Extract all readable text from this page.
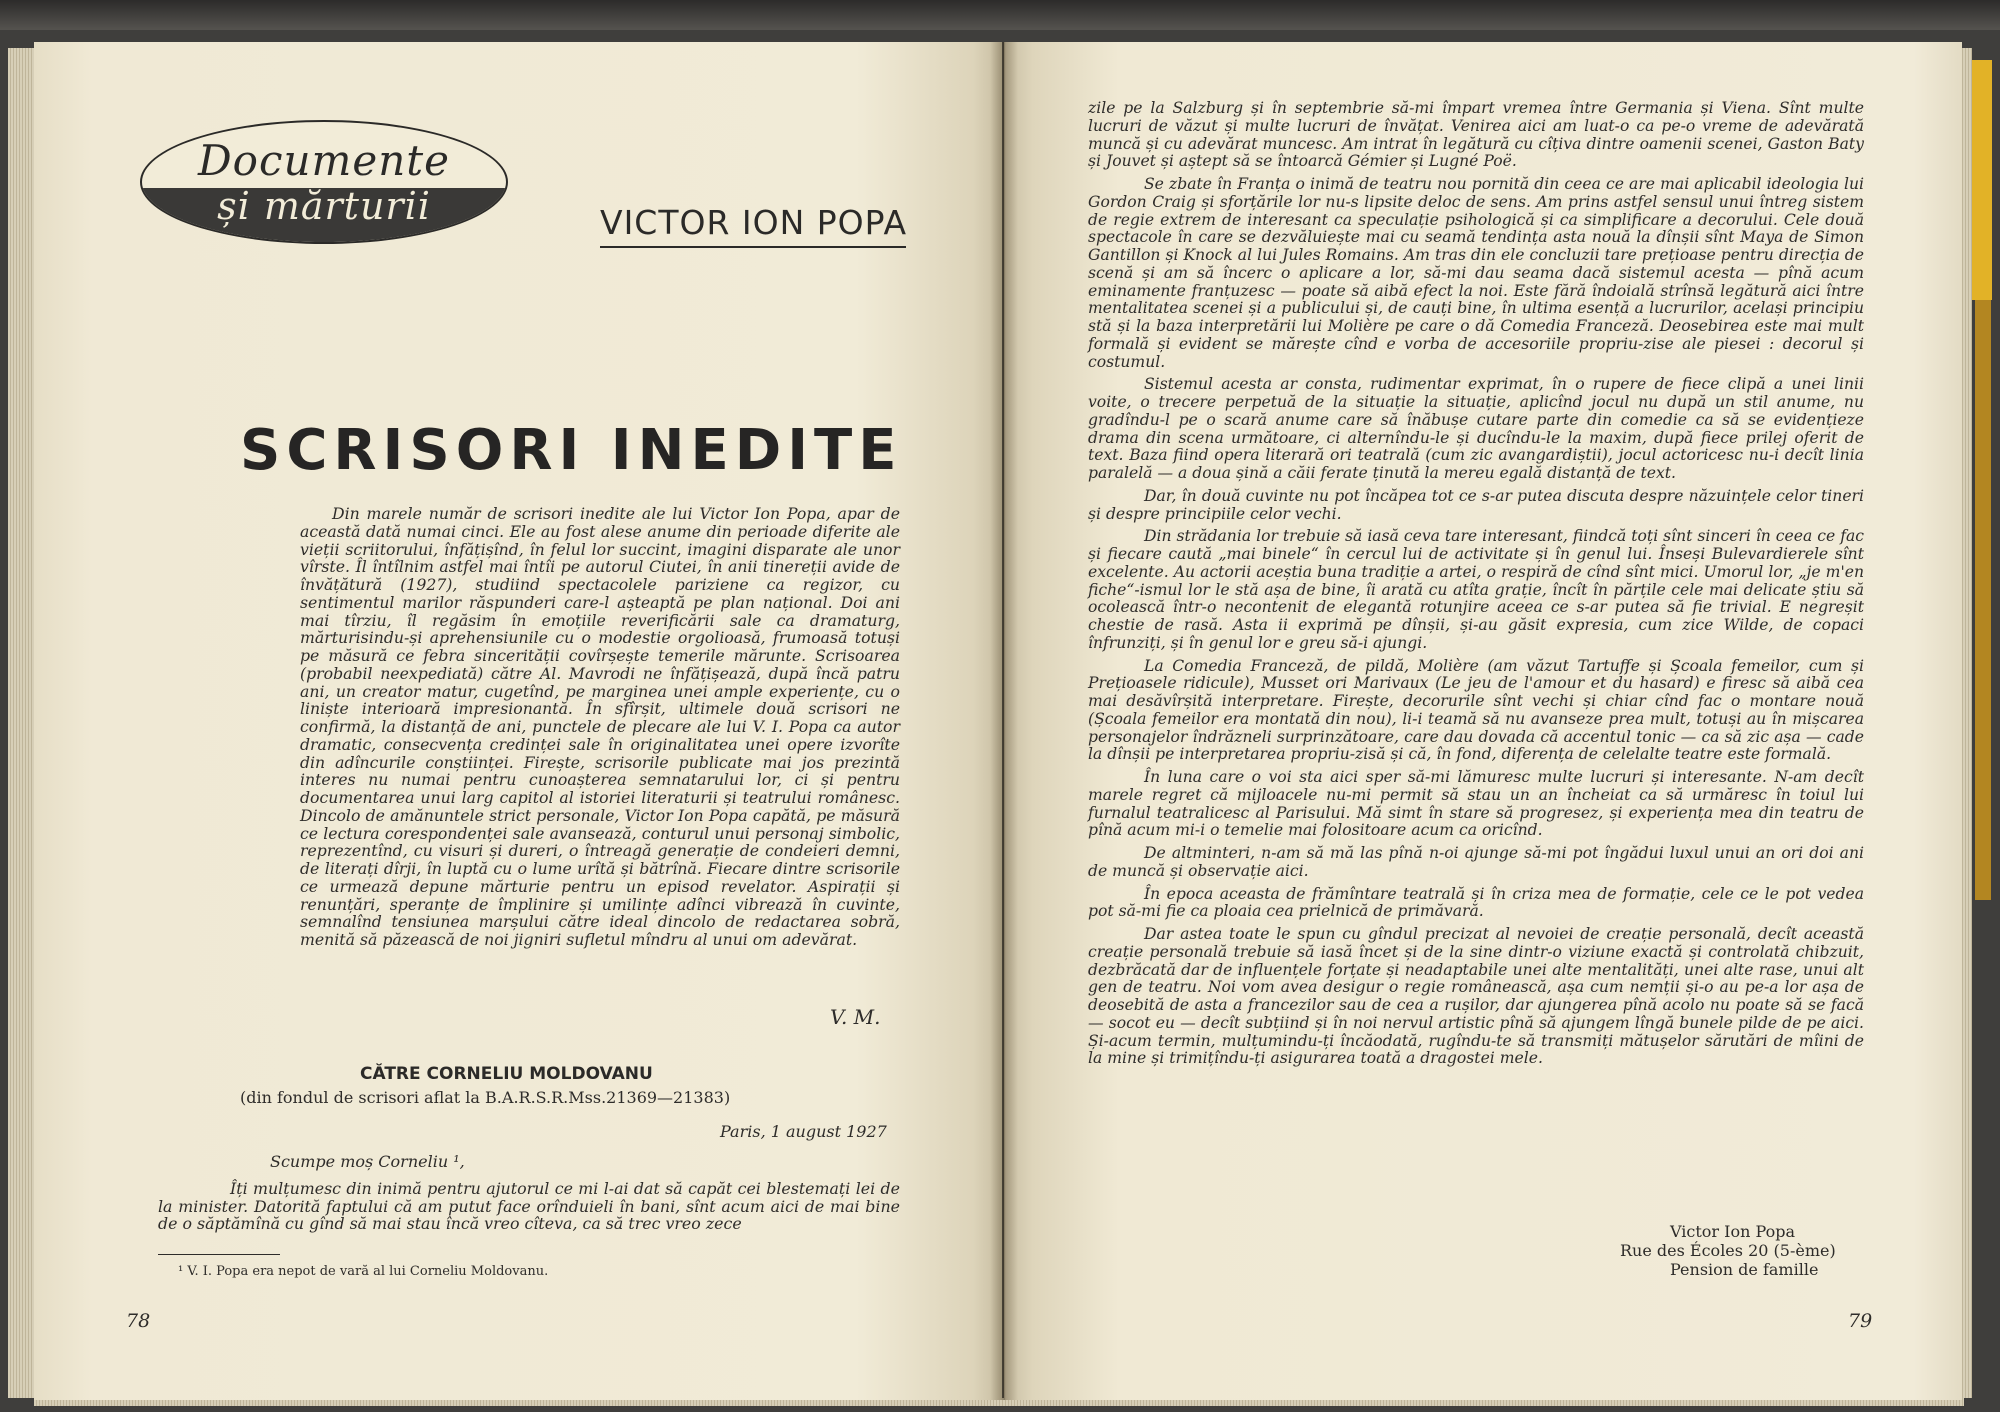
Documente
și mărturii	VICTOR ION POPA
SCRISORI INEDITE

Din marele număr de scrisori inedite ale lui Victor Ion Popa, apar de această dată numai cinci. Ele au fost alese anume din perioade diferite ale vieții scriitorului, înfățișînd, în felul lor succint, imagini disparate ale unor vîrste. Îl întîlnim astfel mai întîi pe autorul Ciutei, în anii tinereții avide de învățătură (1927), studiind spectacolele pariziene ca regizor, cu sentimentul marilor răspunderi care-l așteaptă pe plan național. Doi ani mai tîrziu, îl regăsim în emoțiile reverificării sale ca dramaturg, mărturisindu-și aprehensiunile cu o modestie orgolioasă, frumoasă totuși pe măsură ce febra sincerității covîrșește temerile mărunte. Scrisoarea (probabil neexpediată) către Al. Mavrodi ne înfățișează, după încă patru ani, un creator matur, cugetînd, pe marginea unei ample experiențe, cu o liniște interioară impresionantă. În sfîrșit, ultimele două scrisori ne confirmă, la distanță de ani, punctele de plecare ale lui V. I. Popa ca autor dramatic, consecvența credinței sale în originalitatea unei opere izvorîte din adîncurile conștiinței. Firește, scrisorile publicate mai jos prezintă interes nu numai pentru cunoașterea semnatarului lor, ci și pentru documentarea unui larg capitol al istoriei literaturii și teatrului românesc. Dincolo de amănuntele strict personale, Victor Ion Popa capătă, pe măsură ce lectura corespondenței sale avansează, conturul unui personaj simbolic, reprezentînd, cu visuri și dureri, o întreagă generație de condeieri demni, de literați dîrji, în luptă cu o lume urîtă și bătrînă. Fiecare dintre scrisorile ce urmează depune mărturie pentru un episod revelator. Aspirații și renunțări, speranțe de împlinire și umilințe adînci vibrează în cuvinte, semnalînd tensiunea marșului către ideal dincolo de redactarea sobră, menită să păzească de noi jigniri sufletul mîndru al unui om adevărat.

V. M.
CĂTRE CORNELIU MOLDOVANU
(din fondul de scrisori aflat la B.A.R.S.R.Mss.21369—21383)
Paris, 1 august 1927
Scumpe moș Corneliu ¹,

Îți mulțumesc din inimă pentru ajutorul ce mi l-ai dat să capăt cei blestemați lei de la minister. Datorită faptului că am putut face orînduieli în bani, sînt acum aici de mai bine de o săptămînă cu gînd să mai stau încă vreo cîteva, ca să trec vreo zece

¹ V. I. Popa era nepot de vară al lui Corneliu Moldovanu.
78

zile pe la Salzburg și în septembrie să-mi împart vremea între Germania și Viena. Sînt multe lucruri de văzut și multe lucruri de învățat. Venirea aici am luat-o ca pe-o vreme de adevărată muncă și cu adevărat muncesc. Am intrat în legătură cu cîțiva dintre oamenii scenei, Gaston Baty și Jouvet și aștept să se întoarcă Gémier și Lugné Poë.

Se zbate în Franța o inimă de teatru nou pornită din ceea ce are mai aplicabil ideologia lui Gordon Craig și sforțările lor nu-s lipsite deloc de sens. Am prins astfel sensul unui întreg sistem de regie extrem de interesant ca speculație psihologică și ca simplificare a decorului. Cele două spectacole în care se dezvăluiește mai cu seamă tendința asta nouă la dînșii sînt Maya de Simon Gantillon și Knock al lui Jules Romains. Am tras din ele concluzii tare prețioase pentru direcția de scenă și am să încerc o aplicare a lor, să-mi dau seama dacă sistemul acesta — pînă acum eminamente franțuzesc — poate să aibă efect la noi. Este fără îndoială strînsă legătură aici între mentalitatea scenei și a publicului și, de cauți bine, în ultima esență a lucrurilor, același principiu stă și la baza interpretării lui Molière pe care o dă Comedia Franceză. Deosebirea este mai mult formală și evident se mărește cînd e vorba de accesoriile propriu-zise ale piesei : decorul și costumul.

Sistemul acesta ar consta, rudimentar exprimat, în o rupere de fiece clipă a unei linii voite, o trecere perpetuă de la situație la situație, aplicînd jocul nu după un stil anume, nu gradîndu-l pe o scară anume care să înăbușe cutare parte din comedie ca să se evidențieze drama din scena următoare, ci alternîndu-le și ducîndu-le la maxim, după fiece prilej oferit de text. Baza fiind opera literară ori teatrală (cum zic avangardiștii), jocul actoricesc nu-i decît linia paralelă — a doua șină a căii ferate ținută la mereu egală distanță de text.

Dar, în două cuvinte nu pot încăpea tot ce s-ar putea discuta despre năzuințele celor tineri și despre principiile celor vechi.

Din strădania lor trebuie să iasă ceva tare interesant, fiindcă toți sînt sinceri în ceea ce fac și fiecare caută „mai binele“ în cercul lui de activitate și în genul lui. Înseși Bulevardierele sînt excelente. Au actorii aceștia buna tradiție a artei, o respiră de cînd sînt mici. Umorul lor, „je m'en fiche“-ismul lor le stă așa de bine, îi arată cu atîta grație, încît în părțile cele mai delicate știu să ocolească într-o necontenit de elegantă rotunjire aceea ce s-ar putea să fie trivial. E negreșit chestie de rasă. Asta ii exprimă pe dînșii, și-au găsit expresia, cum zice Wilde, de copaci înfrunziți, și în genul lor e greu să-i ajungi.

La Comedia Franceză, de pildă, Molière (am văzut Tartuffe și Școala femeilor, cum și Prețioasele ridicule), Musset ori Marivaux (Le jeu de l'amour et du hasard) e firesc să aibă cea mai desăvîrșită interpretare. Firește, decorurile sînt vechi și chiar cînd fac o montare nouă (Școala femeilor era montată din nou), li-i teamă să nu avanseze prea mult, totuși au în mișcarea personajelor îndrăzneli surprinzătoare, care dau dovada că accentul tonic — ca să zic așa — cade la dînșii pe interpretarea propriu-zisă și că, în fond, diferența de celelalte teatre este formală.

În luna care o voi sta aici sper să-mi lămuresc multe lucruri și interesante. N-am decît marele regret că mijloacele nu-mi permit să stau un an încheiat ca să urmăresc în toiul lui furnalul teatralicesc al Parisului. Mă simt în stare să progresez, și experiența mea din teatru de pînă acum mi-i o temelie mai folositoare acum ca oricînd.

De altminteri, n-am să mă las pînă n-oi ajunge să-mi pot îngădui luxul unui an ori doi ani de muncă și observație aici.

În epoca aceasta de frămîntare teatrală și în criza mea de formație, cele ce le pot vedea pot să-mi fie ca ploaia cea prielnică de primăvară.

Dar astea toate le spun cu gîndul precizat al nevoiei de creație personală, decît această creație personală trebuie să iasă încet și de la sine dintr-o viziune exactă și controlată chibzuit, dezbrăcată dar de influențele forțate și neadaptabile unei alte mentalități, unei alte rase, unui alt gen de teatru. Noi vom avea desigur o regie românească, așa cum nemții și-o au pe-a lor așa de deosebită de asta a francezilor sau de cea a rușilor, dar ajungerea pînă acolo nu poate să se facă — socot eu — decît subțiind și în noi nervul artistic pînă să ajungem lîngă bunele pilde de pe aici. Și-acum termin, mulțumindu-ți încăodată, rugîndu-te să transmiți mătușelor sărutări de mîini de la mine și trimițîndu-ți asigurarea toată a dragostei mele.

Victor Ion Popa
Rue des Écoles 20 (5-ème)
Pension de famille
79
